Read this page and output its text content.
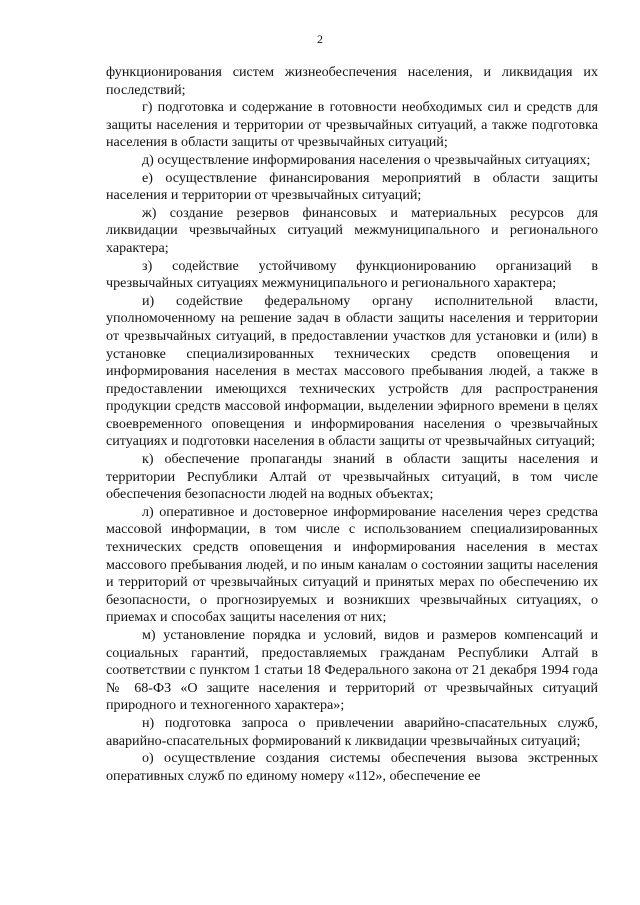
2

функционирования систем жизнеобеспечения населения, и ликвидация их последствий;

г) подготовка и содержание в готовности необходимых сил и средств для защиты населения и территории от чрезвычайных ситуаций, а также подготовка населения в области защиты от чрезвычайных ситуаций;

д) осуществление информирования населения о чрезвычайных ситуациях;

е) осуществление финансирования мероприятий в области защиты населения и территории от чрезвычайных ситуаций;

ж) создание резервов финансовых и материальных ресурсов для ликвидации чрезвычайных ситуаций межмуниципального и регионального характера;

з) содействие устойчивому функционированию организаций в чрезвычайных ситуациях межмуниципального и регионального характера;

и) содействие федеральному органу исполнительной власти, уполномоченному на решение задач в области защиты населения и территории от чрезвычайных ситуаций, в предоставлении участков для установки и (или) в установке специализированных технических средств оповещения и информирования населения в местах массового пребывания людей, а также в предоставлении имеющихся технических устройств для распространения продукции средств массовой информации, выделении эфирного времени в целях своевременного оповещения и информирования населения о чрезвычайных ситуациях и подготовки населения в области защиты от чрезвычайных ситуаций;

к) обеспечение пропаганды знаний в области защиты населения и территории Республики Алтай от чрезвычайных ситуаций, в том числе обеспечения безопасности людей на водных объектах;

л) оперативное и достоверное информирование населения через средства массовой информации, в том числе с использованием специализированных технических средств оповещения и информирования населения в местах массового пребывания людей, и по иным каналам о состоянии защиты населения и территорий от чрезвычайных ситуаций и принятых мерах по обеспечению их безопасности, о прогнозируемых и возникших чрезвычайных ситуациях, о приемах и способах защиты населения от них;

м) установление порядка и условий, видов и размеров компенсаций и социальных гарантий, предоставляемых гражданам Республики Алтай в соответствии с пунктом 1 статьи 18 Федерального закона от 21 декабря 1994 года № 68-ФЗ «О защите населения и территорий от чрезвычайных ситуаций природного и техногенного характера»;

н) подготовка запроса о привлечении аварийно-спасательных служб, аварийно-спасательных формирований к ликвидации чрезвычайных ситуаций;

о) осуществление создания системы обеспечения вызова экстренных оперативных служб по единому номеру «112», обеспечение ее
